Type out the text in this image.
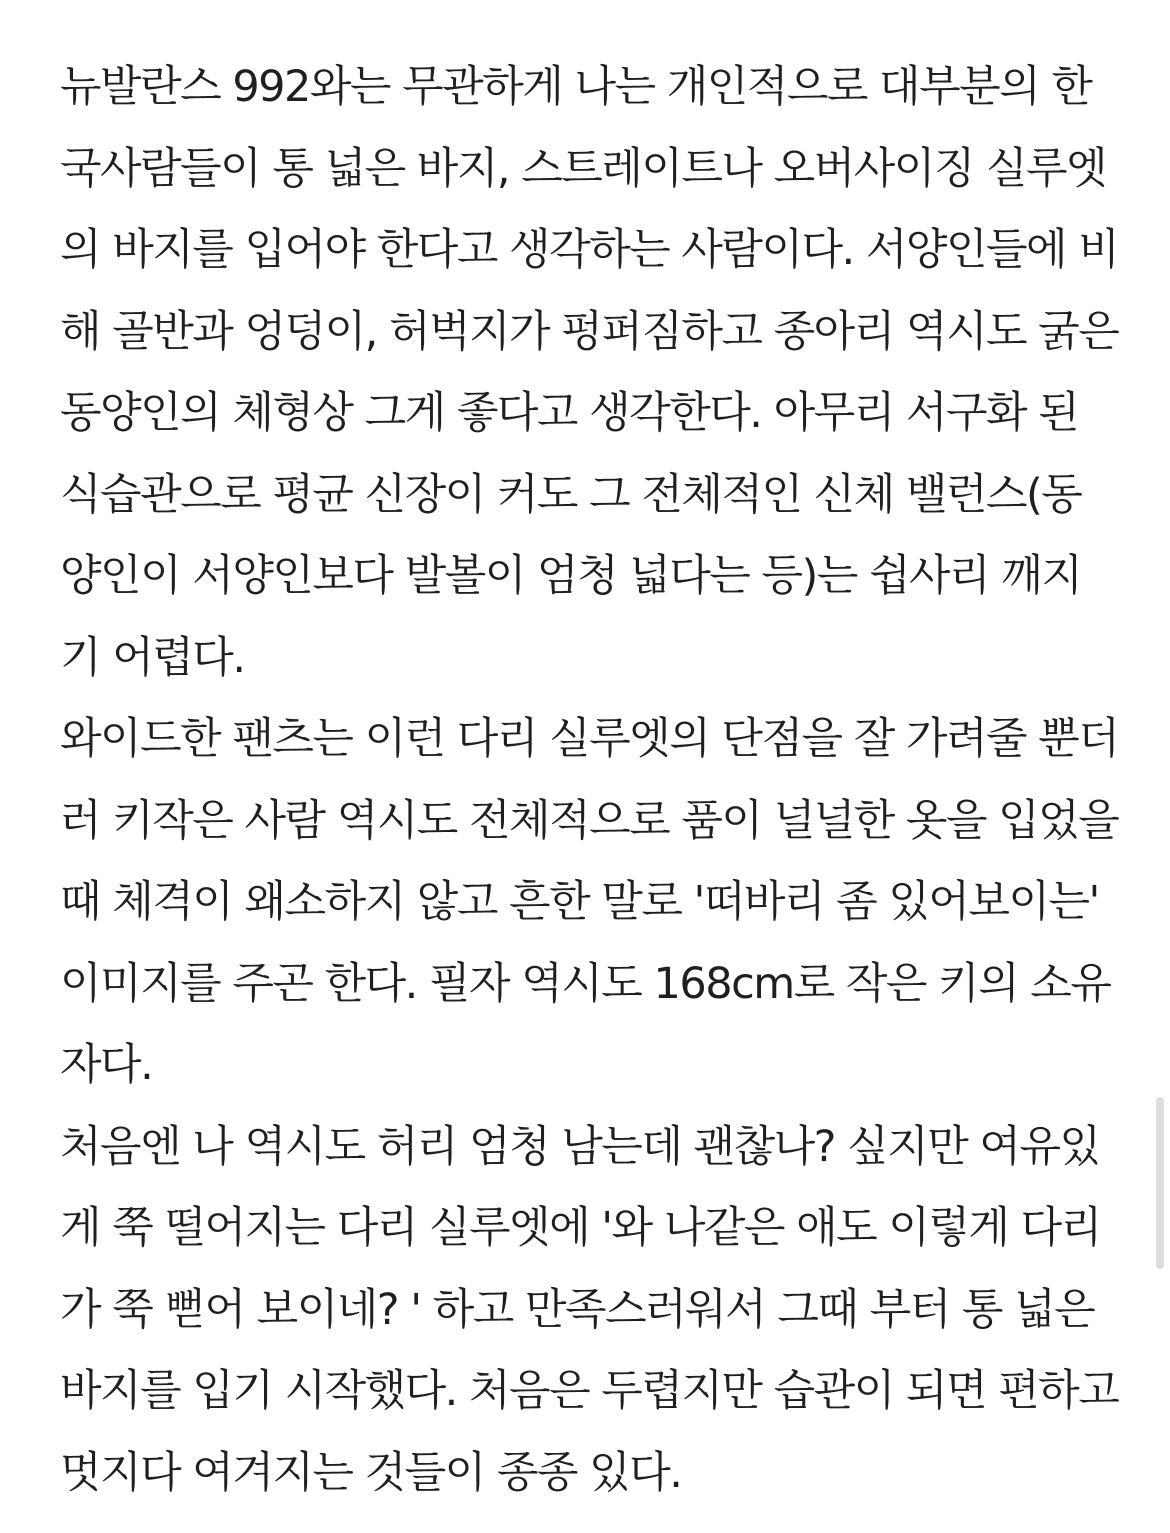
뉴발란스 992와는 무관하게 나는 개인적으로 대부분의 한
국사람들이 통 넓은 바지, 스트레이트나 오버사이징 실루엣
의 바지를 입어야 한다고 생각하는 사람이다. 서양인들에 비
해 골반과 엉덩이, 허벅지가 펑퍼짐하고 종아리 역시도 굵은
동양인의 체형상 그게 좋다고 생각한다. 아무리 서구화 된
식습관으로 평균 신장이 커도 그 전체적인 신체 밸런스(동
양인이 서양인보다 발볼이 엄청 넓다는 등)는 쉽사리 깨지
기 어렵다.
와이드한 팬츠는 이런 다리 실루엣의 단점을 잘 가려줄 뿐더
러 키작은 사람 역시도 전체적으로 품이 널널한 옷을 입었을
때 체격이 왜소하지 않고 흔한 말로 '떠바리 좀 있어보이는'
이미지를 주곤 한다. 필자 역시도 168cm로 작은 키의 소유
자다.
처음엔 나 역시도 허리 엄청 남는데 괜찮나? 싶지만 여유있
게 쭉 떨어지는 다리 실루엣에 '와 나같은 애도 이렇게 다리
가 쭉 뻗어 보이네? ' 하고 만족스러워서 그때 부터 통 넓은
바지를 입기 시작했다. 처음은 두렵지만 습관이 되면 편하고
멋지다 여겨지는 것들이 종종 있다.
